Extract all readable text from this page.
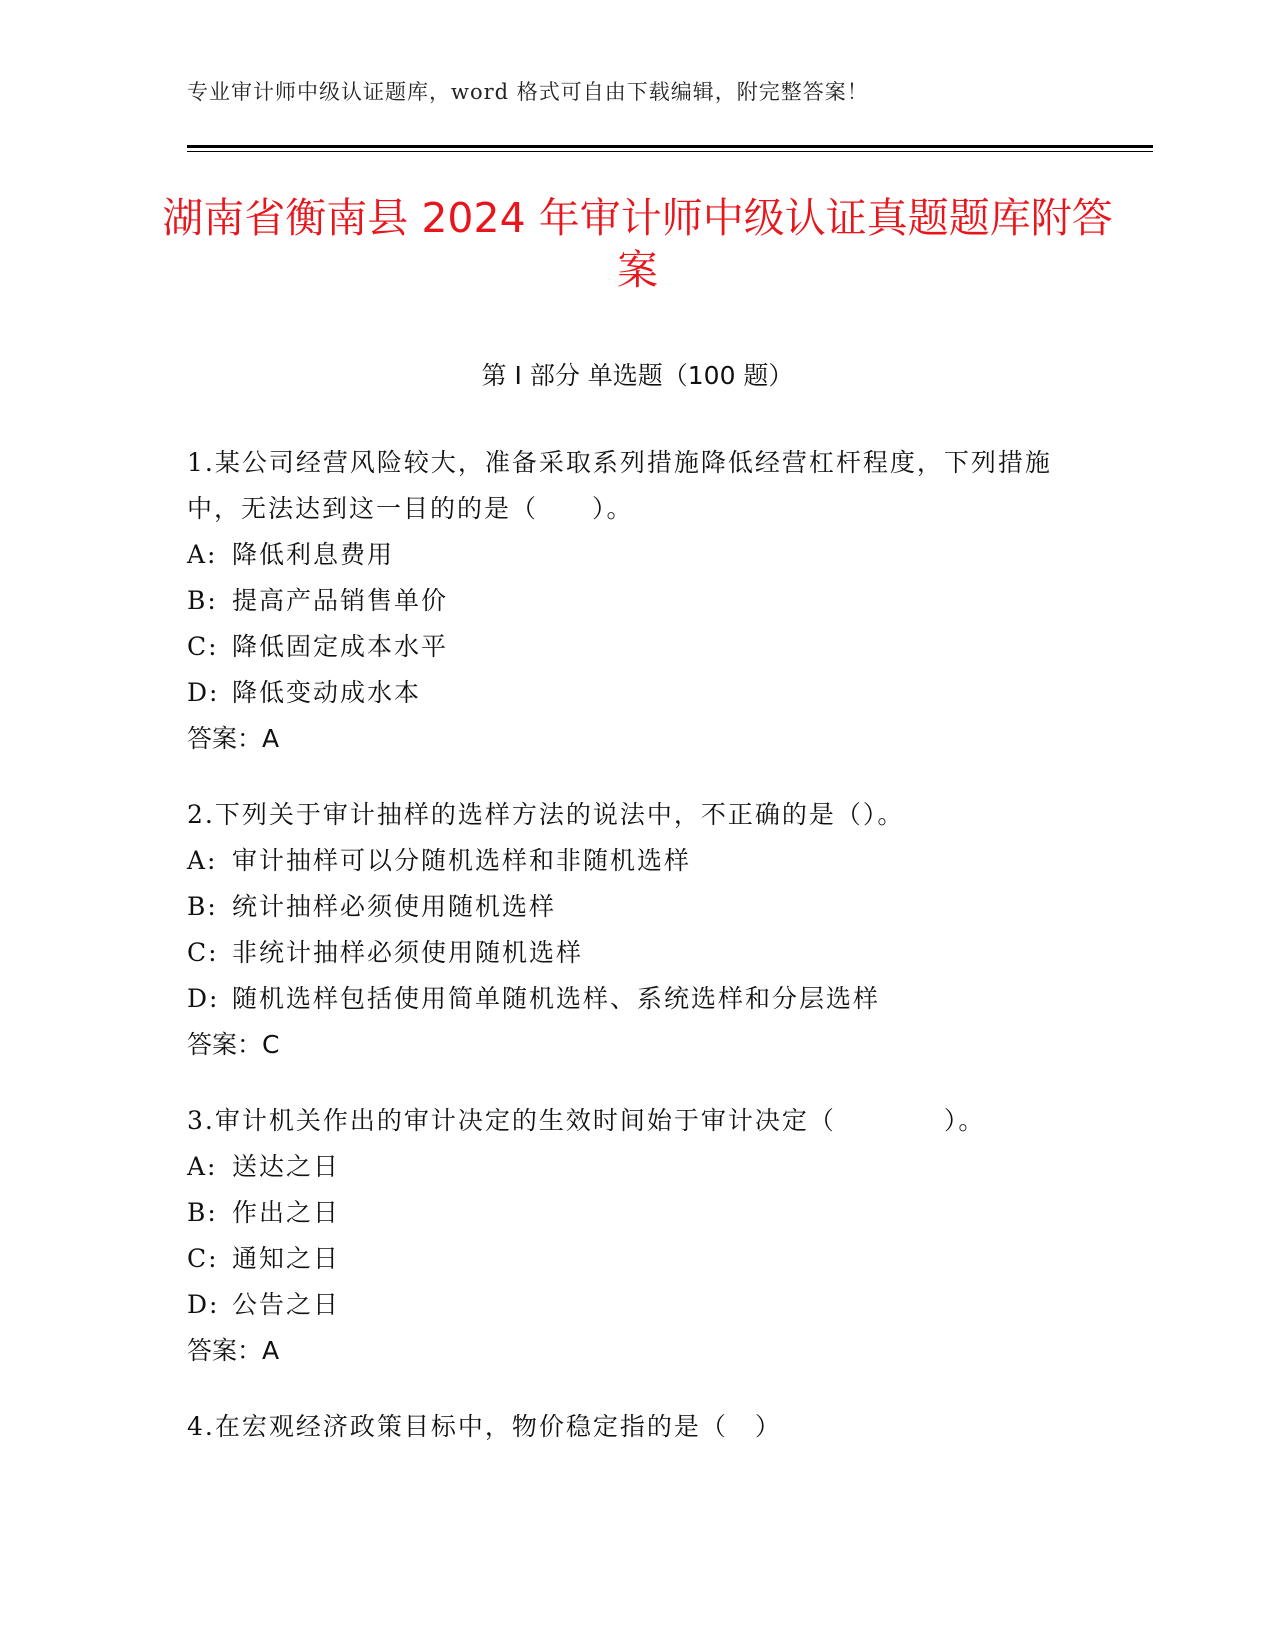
专业审计师中级认证题库，word 格式可自由下载编辑，附完整答案！
湖南省衡南县 2024 年审计师中级认证真题题库附答案
第 I 部分 单选题（100 题）

1.某公司经营风险较大，准备采取系列措施降低经营杠杆程度，下列措施中，无法达到这一目的的是（　　）。

A: 降低利息费用

B: 提高产品销售单价

C: 降低固定成本水平

D: 降低变动成水本

答案：A

2.下列关于审计抽样的选样方法的说法中，不正确的是（）。

A: 审计抽样可以分随机选样和非随机选样

B: 统计抽样必须使用随机选样

C: 非统计抽样必须使用随机选样

D: 随机选样包括使用简单随机选样、系统选样和分层选样

答案：C

3.审计机关作出的审计决定的生效时间始于审计决定（　　　　）。

A: 送达之日

B: 作出之日

C: 通知之日

D: 公告之日

答案：A

4.在宏观经济政策目标中，物价稳定指的是（　）
